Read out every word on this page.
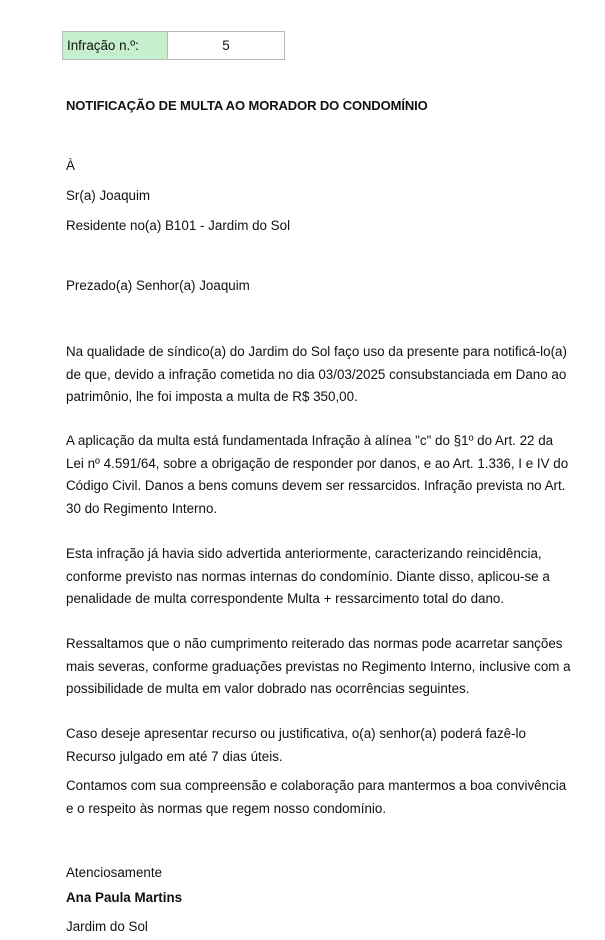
Infração n.º:	5
NOTIFICAÇÃO DE MULTA AO MORADOR DO CONDOMÍNIO
À
Sr(a) Joaquim
Residente no(a) B101 - Jardim do Sol
Prezado(a) Senhor(a) Joaquim

Na qualidade de síndico(a) do Jardim do Sol faço uso da presente para notificá-lo(a) de que, devido a infração cometida no dia 03/03/2025 consubstanciada em Dano ao patrimônio, lhe foi imposta a multa de R$ 350,00.

A aplicação da multa está fundamentada Infração à alínea "c" do §1º do Art. 22 da Lei nº 4.591/64, sobre a obrigação de responder por danos, e ao Art. 1.336, I e IV do Código Civil. Danos a bens comuns devem ser ressarcidos. Infração prevista no Art. 30 do Regimento Interno.

Esta infração já havia sido advertida anteriormente, caracterizando reincidência, conforme previsto nas normas internas do condomínio. Diante disso, aplicou-se a penalidade de multa correspondente Multa + ressarcimento total do dano.

Ressaltamos que o não cumprimento reiterado das normas pode acarretar sanções mais severas, conforme graduações previstas no Regimento Interno, inclusive com a possibilidade de multa em valor dobrado nas ocorrências seguintes.

Caso deseje apresentar recurso ou justificativa, o(a) senhor(a) poderá fazê-lo Recurso julgado em até 7 dias úteis.

Contamos com sua compreensão e colaboração para mantermos a boa convivência e o respeito às normas que regem nosso condomínio.

Atenciosamente
Ana Paula Martins
Jardim do Sol
